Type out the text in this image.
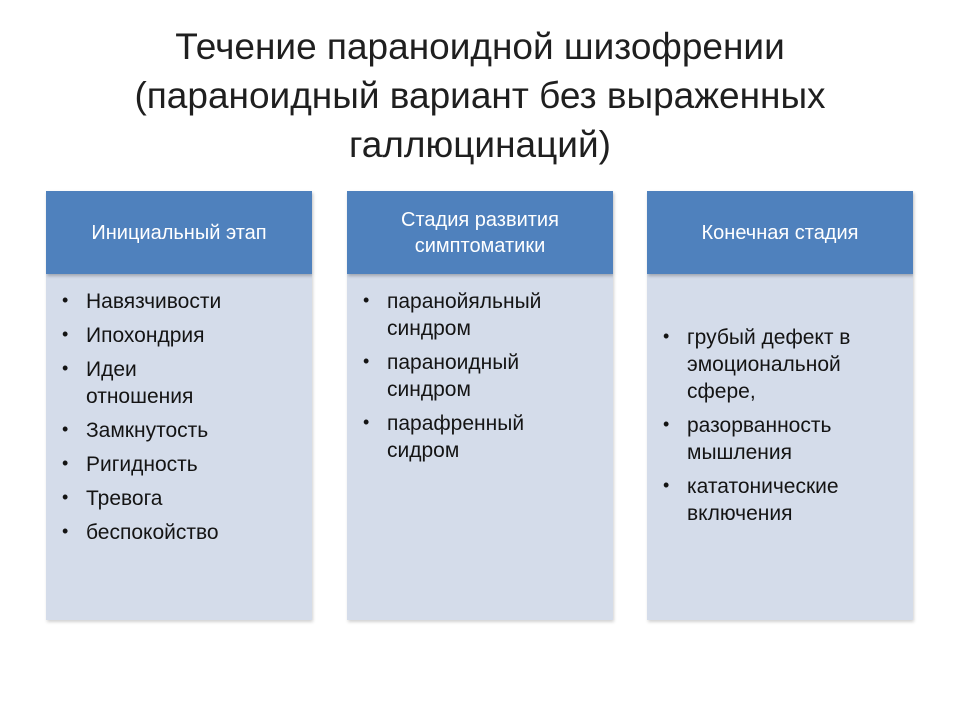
Течение параноидной шизофрении
(параноидный вариант без выраженных
галлюцинаций)
Инициальный этап
• Навязчивости
• Ипохондрия
• Идеи отношения
• Замкнутость
• Ригидность
• Тревога
• беспокойство
Стадия развития симптоматики
• паранойяльный синдром
• параноидный синдром
• парафренный сидром
Конечная стадия
• грубый дефект в эмоциональной сфере,
• разорванность мышления
• кататонические включения
